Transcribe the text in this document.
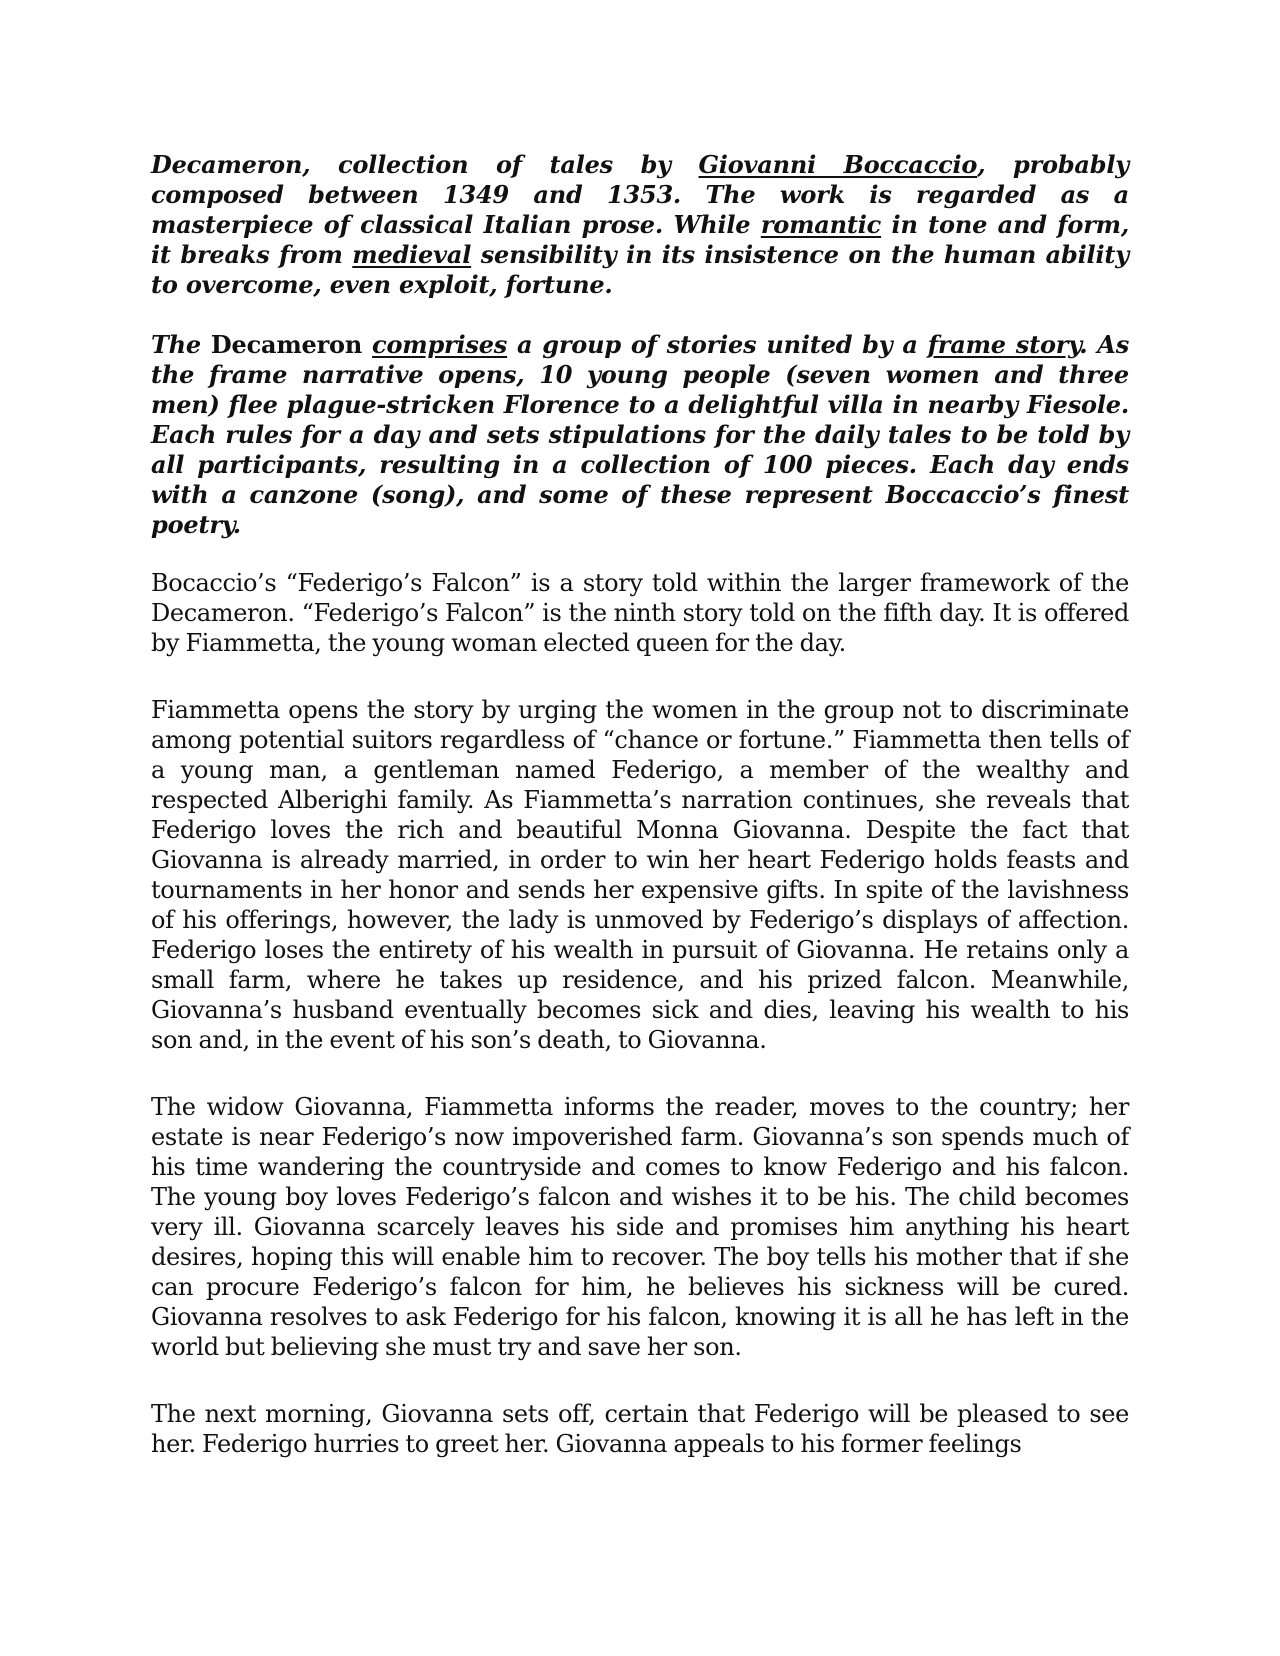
Decameron, collection of tales by Giovanni Boccaccio, probably composed between 1349 and 1353. The work is regarded as a masterpiece of classical Italian prose. While romantic in tone and form, it breaks from medieval sensibility in its insistence on the human ability to overcome, even exploit, fortune.

The Decameron comprises a group of stories united by a frame story. As the frame narrative opens, 10 young people (seven women and three men) flee plague-stricken Florence to a delightful villa in nearby Fiesole. Each rules for a day and sets stipulations for the daily tales to be told by all participants, resulting in a collection of 100 pieces. Each day ends with a canzone (song), and some of these represent Boccaccio’s finest poetry.

Bocaccio’s “Federigo’s Falcon” is a story told within the larger framework of the Decameron. “Federigo’s Falcon” is the ninth story told on the fifth day. It is offered by Fiammetta, the young woman elected queen for the day.

Fiammetta opens the story by urging the women in the group not to discriminate among potential suitors regardless of “chance or fortune.” Fiammetta then tells of a young man, a gentleman named Federigo, a member of the wealthy and respected Alberighi family. As Fiammetta’s narration continues, she reveals that Federigo loves the rich and beautiful Monna Giovanna. Despite the fact that Giovanna is already married, in order to win her heart Federigo holds feasts and tournaments in her honor and sends her expensive gifts. In spite of the lavishness of his offerings, however, the lady is unmoved by Federigo’s displays of affection. Federigo loses the entirety of his wealth in pursuit of Giovanna. He retains only a small farm, where he takes up residence, and his prized falcon. Meanwhile, Giovanna’s husband eventually becomes sick and dies, leaving his wealth to his son and, in the event of his son’s death, to Giovanna.

The widow Giovanna, Fiammetta informs the reader, moves to the country; her estate is near Federigo’s now impoverished farm. Giovanna’s son spends much of his time wandering the countryside and comes to know Federigo and his falcon. The young boy loves Federigo’s falcon and wishes it to be his. The child becomes very ill. Giovanna scarcely leaves his side and promises him anything his heart desires, hoping this will enable him to recover. The boy tells his mother that if she can procure Federigo’s falcon for him, he believes his sickness will be cured. Giovanna resolves to ask Federigo for his falcon, knowing it is all he has left in the world but believing she must try and save her son.

The next morning, Giovanna sets off, certain that Federigo will be pleased to see her. Federigo hurries to greet her. Giovanna appeals to his former feelings
